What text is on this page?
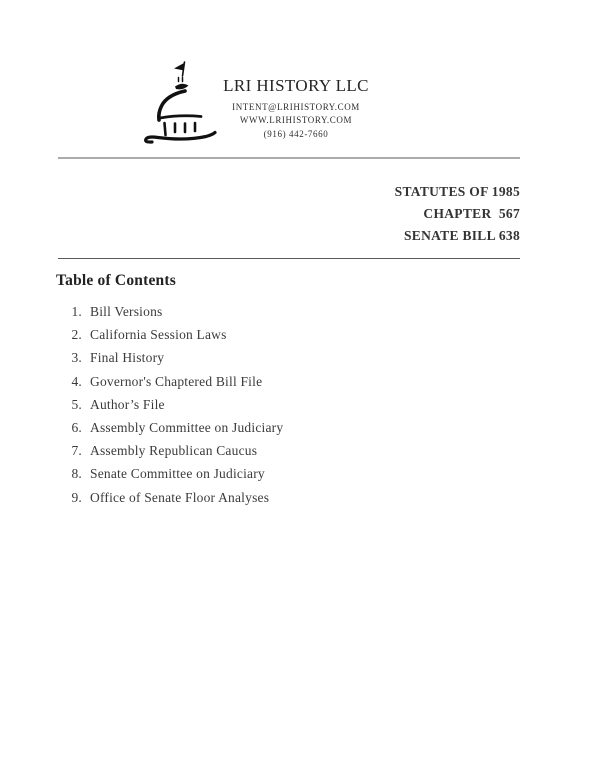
LRI HISTORY LLC
INTENT@LRIHISTORY.COM
WWW.LRIHISTORY.COM
(916) 442-7660
STATUTES OF 1985
CHAPTER  567
SENATE BILL 638
Table of Contents
1. Bill Versions
2. California Session Laws
3. Final History
4. Governor's Chaptered Bill File
5. Author’s File
6. Assembly Committee on Judiciary
7. Assembly Republican Caucus
8. Senate Committee on Judiciary
9. Office of Senate Floor Analyses
